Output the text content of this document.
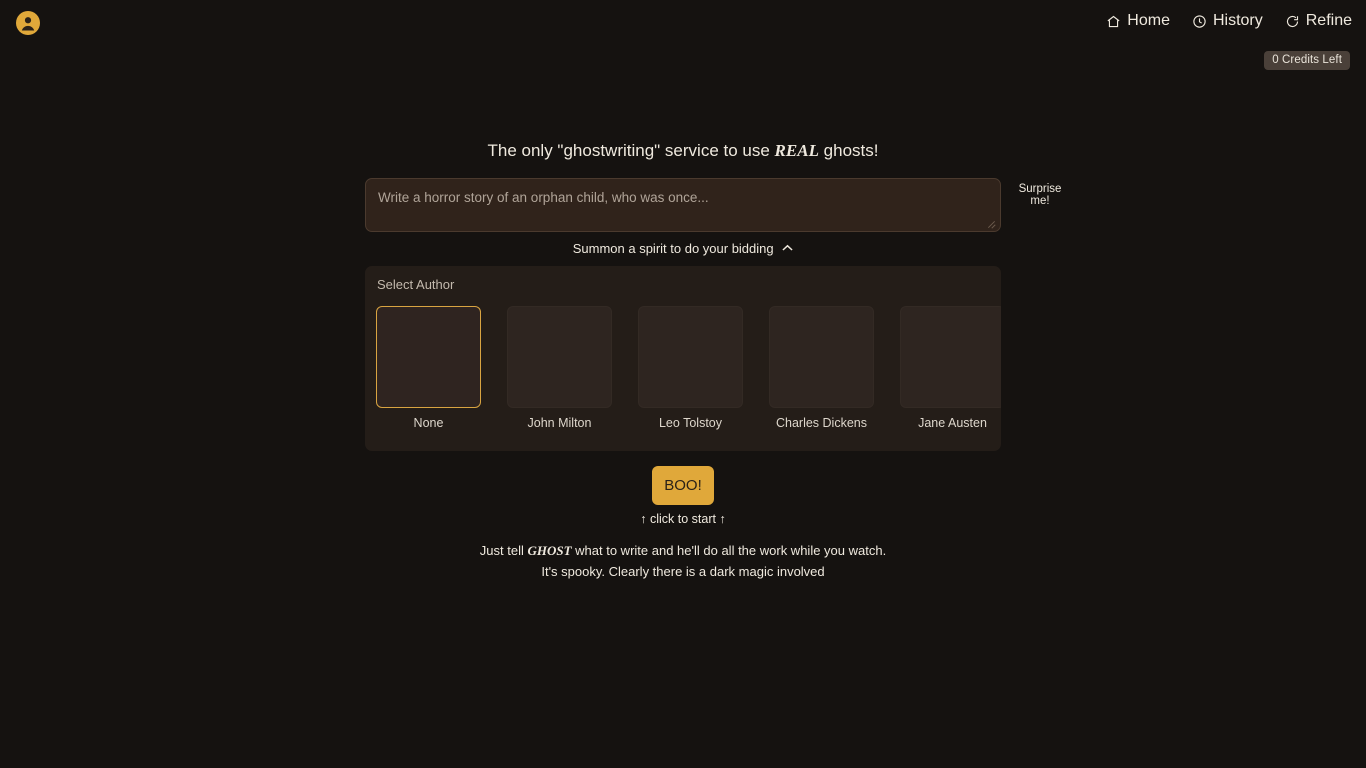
Home	History	Refine
0 Credits Left
The only "ghostwriting" service to use REAL ghosts!
Write a horror story of an orphan child, who was once...
Surprise me!
Summon a spirit to do your bidding
Select Author
None	John Milton	Leo Tolstoy	Charles Dickens	Jane Austen
BOO!
↑ click to start ↑
Just tell GHOST what to write and he'll do all the work while you watch.
It's spooky. Clearly there is a dark magic involved
